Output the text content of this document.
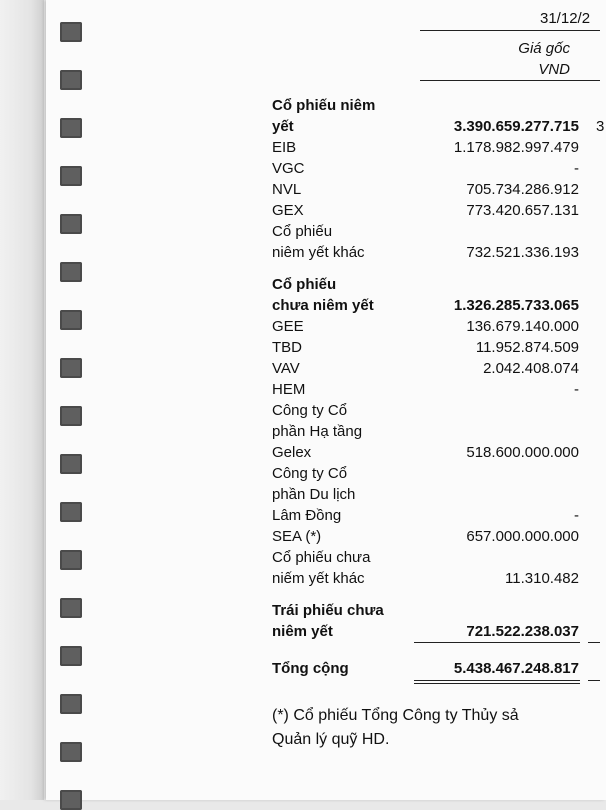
31/12/2
Giá gốc
VND
Cổ phiếu niêm
yết	3.390.659.277.715 3
EIB	1.178.982.997.479
VGC	-
NVL	705.734.286.912
GEX	773.420.657.131
Cổ phiếu
niêm yết khác	732.521.336.193
Cổ phiếu
chưa niêm yết	1.326.285.733.065
GEE	136.679.140.000
TBD	11.952.874.509
VAV	2.042.408.074
HEM	-
Công ty Cổ
phần Hạ tầng
Gelex	518.600.000.000
Công ty Cổ
phần Du lịch
Lâm Đồng	-
SEA (*)	657.000.000.000
Cổ phiếu chưa
niếm yết khác	11.310.482
Trái phiếu chưa
niêm yết	721.522.238.037
Tổng cộng	5.438.467.248.817
(*) Cổ phiếu Tổng Công ty Thủy sả
Quản lý quỹ HD.
